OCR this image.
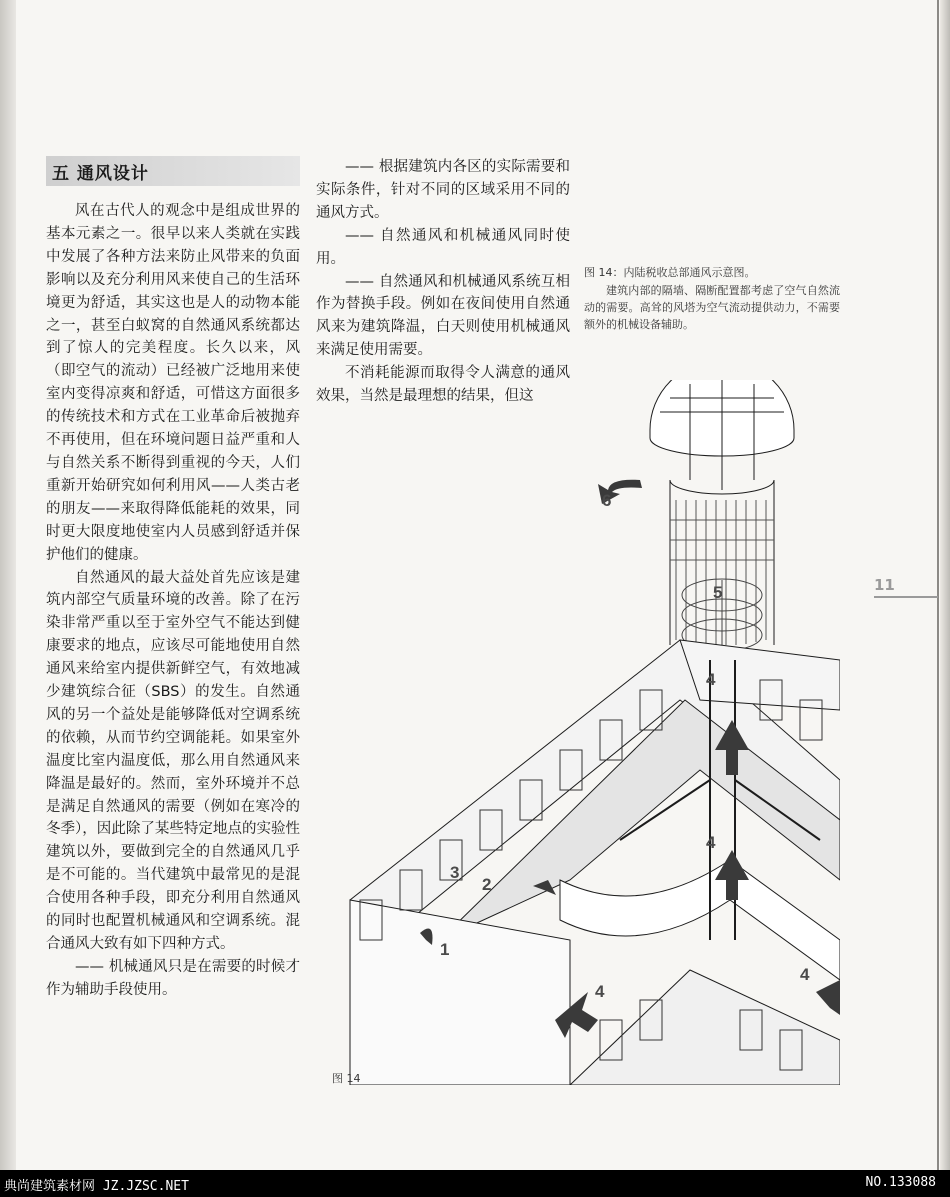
五 通风设计

风在古代人的观念中是组成世界的基本元素之一。很早以来人类就在实践中发展了各种方法来防止风带来的负面影响以及充分利用风来使自己的生活环境更为舒适，其实这也是人的动物本能之一，甚至白蚁窝的自然通风系统都达到了惊人的完美程度。长久以来，风（即空气的流动）已经被广泛地用来使室内变得凉爽和舒适，可惜这方面很多的传统技术和方式在工业革命后被抛弃不再使用，但在环境问题日益严重和人与自然关系不断得到重视的今天，人们重新开始研究如何利用风——人类古老的朋友——来取得降低能耗的效果，同时更大限度地使室内人员感到舒适并保护他们的健康。

自然通风的最大益处首先应该是建筑内部空气质量环境的改善。除了在污染非常严重以至于室外空气不能达到健康要求的地点，应该尽可能地使用自然通风来给室内提供新鲜空气，有效地减少建筑综合征（SBS）的发生。自然通风的另一个益处是能够降低对空调系统的依赖，从而节约空调能耗。如果室外温度比室内温度低，那么用自然通风来降温是最好的。然而，室外环境并不总是满足自然通风的需要（例如在寒冷的冬季），因此除了某些特定地点的实验性建筑以外，要做到完全的自然通风几乎是不可能的。当代建筑中最常见的是混合使用各种手段，即充分利用自然通风的同时也配置机械通风和空调系统。混合通风大致有如下四种方式。

—— 机械通风只是在需要的时候才作为辅助手段使用。

—— 根据建筑内各区的实际需要和实际条件，针对不同的区域采用不同的通风方式。

—— 自然通风和机械通风同时使用。

—— 自然通风和机械通风系统互相作为替换手段。例如在夜间使用自然通风来为建筑降温，白天则使用机械通风来满足使用需要。

不消耗能源而取得令人满意的通风效果，当然是最理想的结果，但这

图 14：内陆税收总部通风示意图。

建筑内部的隔墙、隔断配置都考虑了空气自然流动的需要。高耸的风塔为空气流动提供动力，不需要额外的机械设备辅助。

11
1
2
3
4
4
4
4
5
6
图 14
典尚建筑素材网 JZ.JZSC.NET	NO.133088
